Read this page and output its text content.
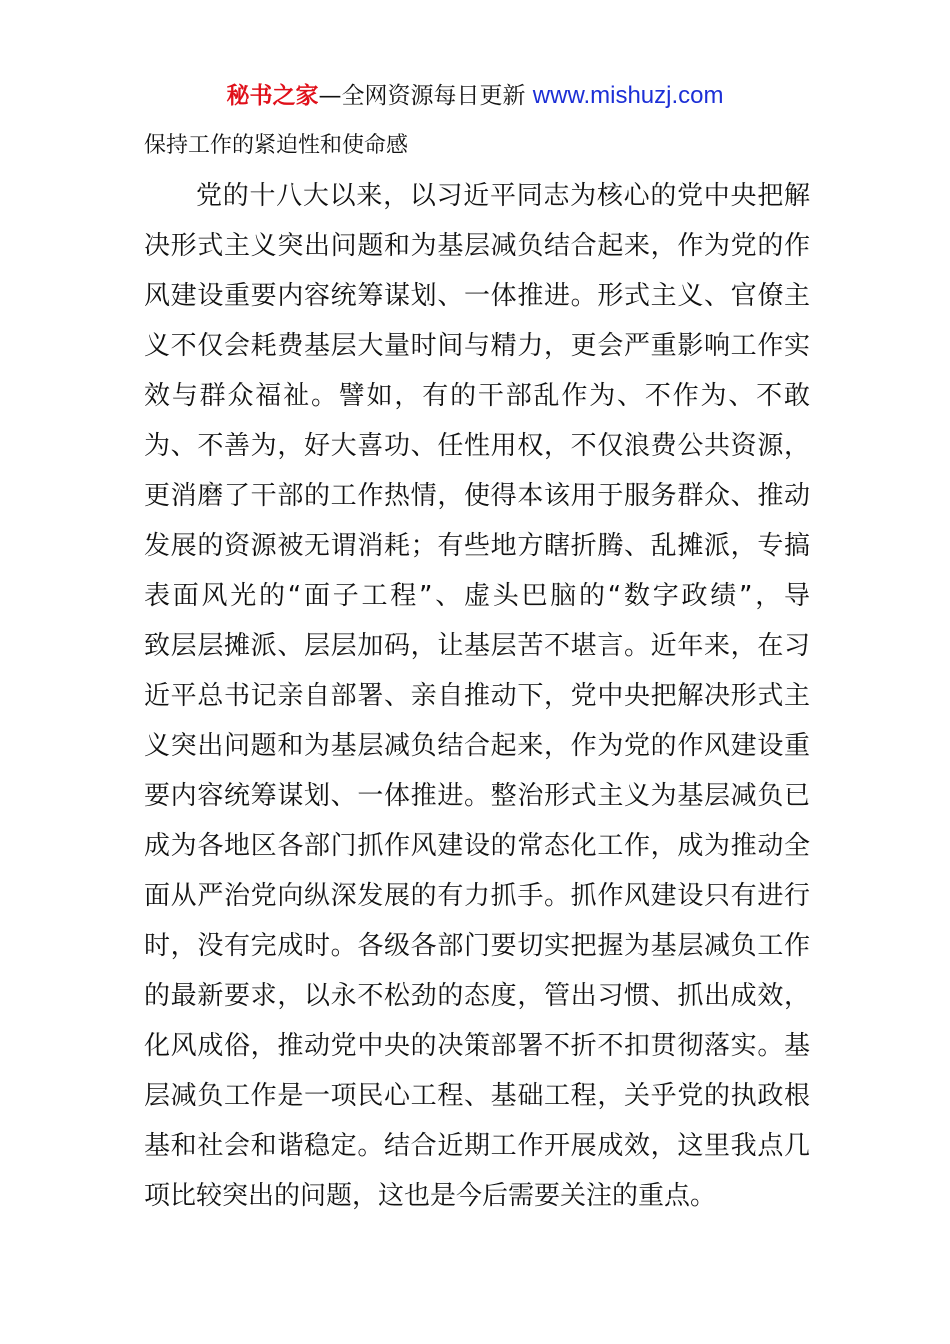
秘书之家—全网资源每日更新 www.mishuzj.com
保持工作的紧迫性和使命感
党的十八大以来，以习近平同志为核心的党中央把解
决形式主义突出问题和为基层减负结合起来，作为党的作
风建设重要内容统筹谋划、一体推进。形式主义、官僚主
义不仅会耗费基层大量时间与精力，更会严重影响工作实
效与群众福祉。譬如，有的干部乱作为、不作为、不敢
为、不善为，好大喜功、任性用权，不仅浪费公共资源，
更消磨了干部的工作热情，使得本该用于服务群众、推动
发展的资源被无谓消耗；有些地方瞎折腾、乱摊派，专搞
表面风光的“面子工程”、虚头巴脑的“数字政绩”，导
致层层摊派、层层加码，让基层苦不堪言。近年来，在习
近平总书记亲自部署、亲自推动下，党中央把解决形式主
义突出问题和为基层减负结合起来，作为党的作风建设重
要内容统筹谋划、一体推进。整治形式主义为基层减负已
成为各地区各部门抓作风建设的常态化工作，成为推动全
面从严治党向纵深发展的有力抓手。抓作风建设只有进行
时，没有完成时。各级各部门要切实把握为基层减负工作
的最新要求，以永不松劲的态度，管出习惯、抓出成效，
化风成俗，推动党中央的决策部署不折不扣贯彻落实。基
层减负工作是一项民心工程、基础工程，关乎党的执政根
基和社会和谐稳定。结合近期工作开展成效，这里我点几
项比较突出的问题，这也是今后需要关注的重点。
